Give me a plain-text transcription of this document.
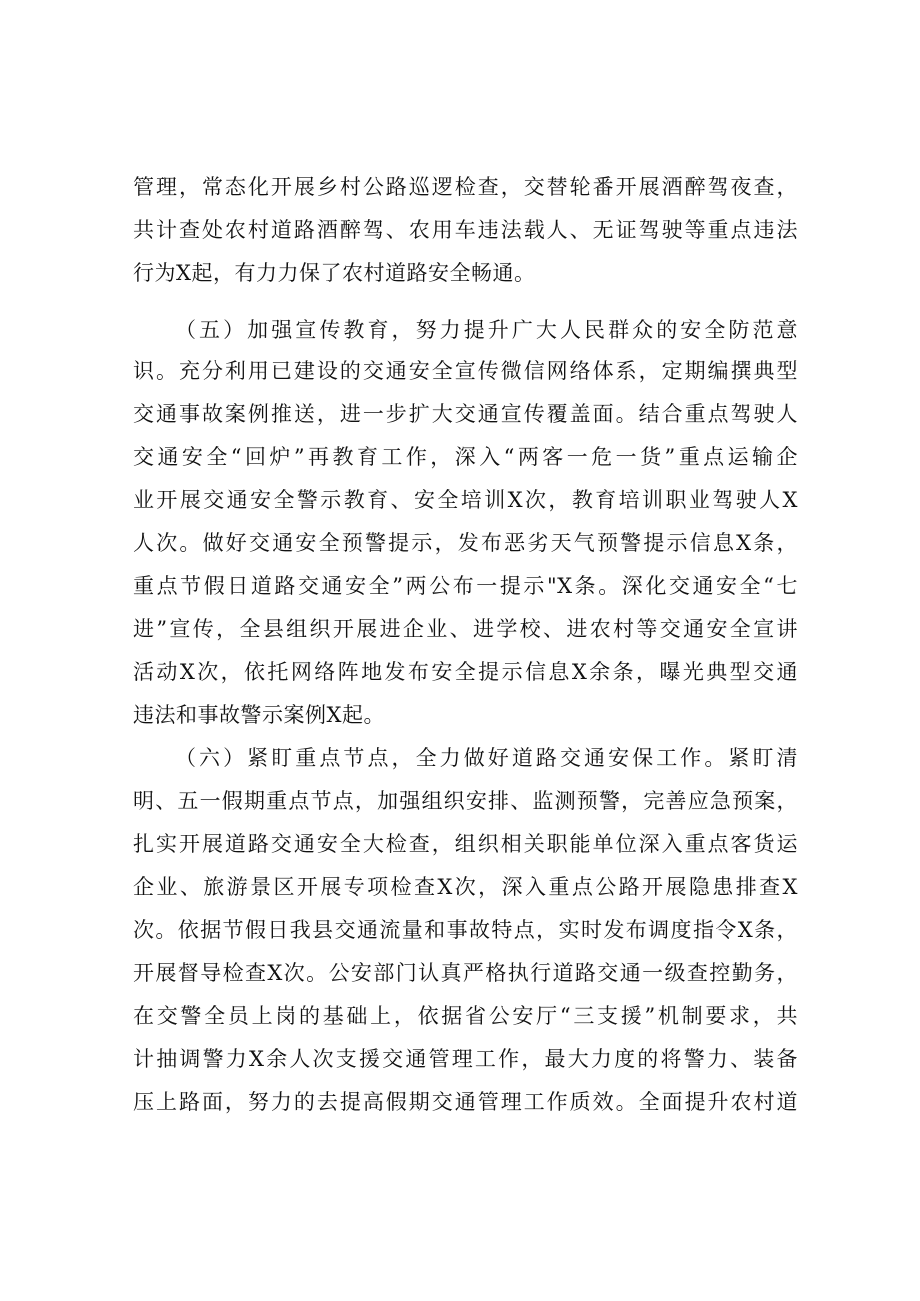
管理，常态化开展乡村公路巡逻检查，交替轮番开展酒醉驾夜查，
共计查处农村道路酒醉驾、农用车违法载人、无证驾驶等重点违法
行为X起，有力力保了农村道路安全畅通。
（五）加强宣传教育，努力提升广大人民群众的安全防范意
识。充分利用已建设的交通安全宣传微信网络体系，定期编撰典型
交通事故案例推送，进一步扩大交通宣传覆盖面。结合重点驾驶人
交通安全“回炉”再教育工作，深入“两客一危一货”重点运输企
业开展交通安全警示教育、安全培训X次，教育培训职业驾驶人X
人次。做好交通安全预警提示，发布恶劣天气预警提示信息X条，
重点节假日道路交通安全”两公布一提示"X条。深化交通安全“七
进”宣传，全县组织开展进企业、进学校、进农村等交通安全宣讲
活动X次，依托网络阵地发布安全提示信息X余条，曝光典型交通
违法和事故警示案例X起。
（六）紧盯重点节点，全力做好道路交通安保工作。紧盯清
明、五一假期重点节点，加强组织安排、监测预警，完善应急预案，
扎实开展道路交通安全大检查，组织相关职能单位深入重点客货运
企业、旅游景区开展专项检查X次，深入重点公路开展隐患排查X
次。依据节假日我县交通流量和事故特点，实时发布调度指令X条，
开展督导检查X次。公安部门认真严格执行道路交通一级查控勤务，
在交警全员上岗的基础上，依据省公安厅“三支援”机制要求，共
计抽调警力X余人次支援交通管理工作，最大力度的将警力、装备
压上路面，努力的去提高假期交通管理工作质效。全面提升农村道
